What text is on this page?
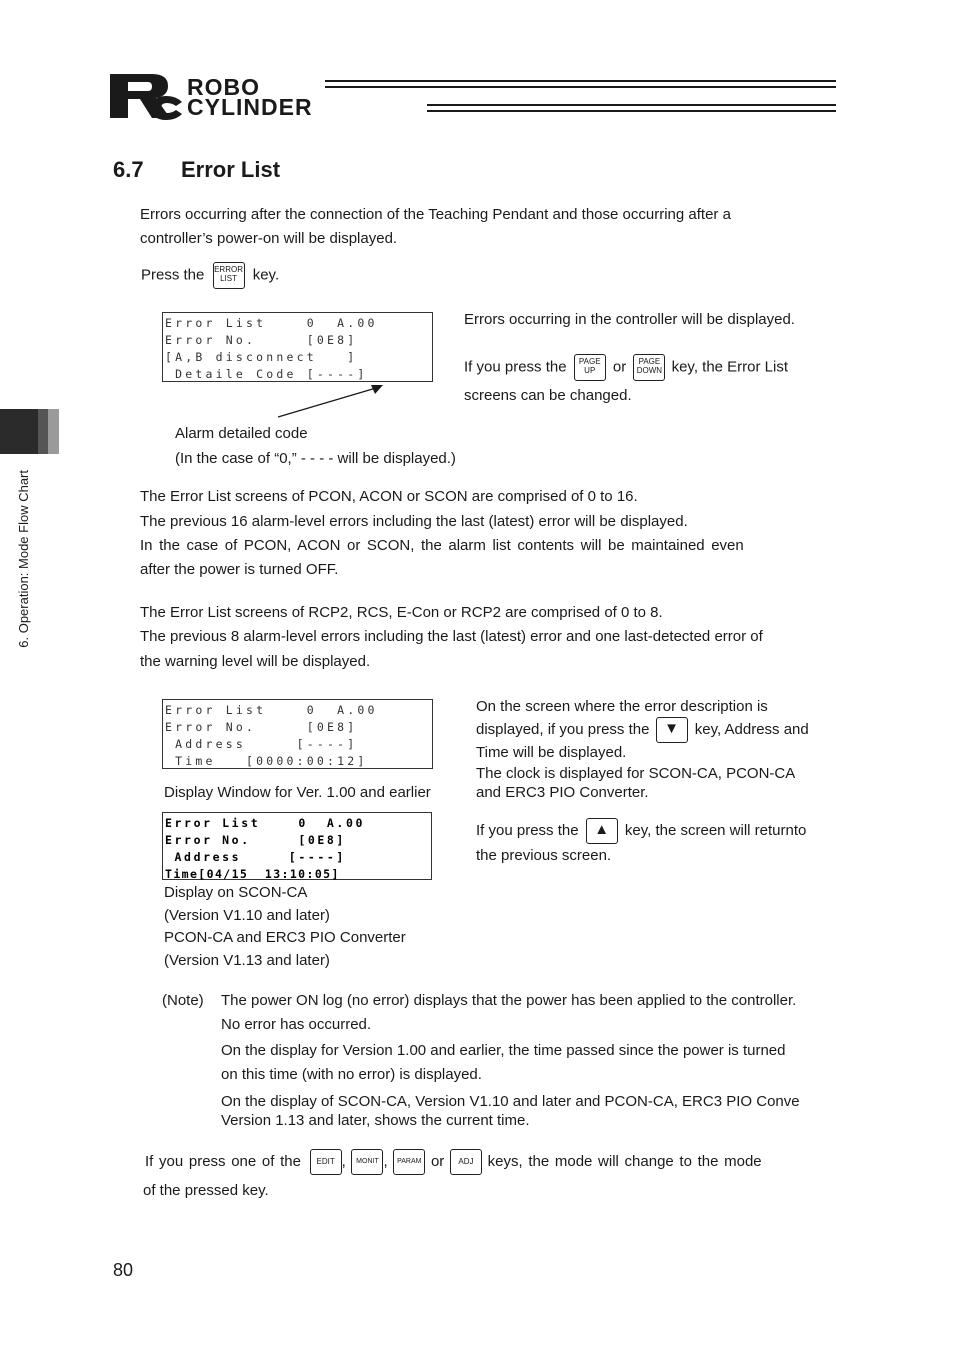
ROBO
CYLINDER
6.7 Error List
6. Operation: Mode Flow Chart
Errors occurring after the connection of the Teaching Pendant and those occurring after a
controller’s power-on will be displayed.
Press the ERROR
LIST key.
Error List    0  A.00
Error No.     [0E8]
[A,B disconnect   ]
Detaile Code [----]
Errors occurring in the controller will be displayed.
If you press the PAGE
UP or PAGE
DOWN key, the Error List
screens can be changed.
Alarm detailed code
(In the case of “0,” - - - - will be displayed.)
The Error List screens of PCON, ACON or SCON are comprised of 0 to 16.
The previous 16 alarm-level errors including the last (latest) error will be displayed.
In the case of PCON, ACON or SCON, the alarm list contents will be maintained even
after the power is turned OFF.
The Error List screens of RCP2, RCS, E-Con or RCP2 are comprised of 0 to 8.
The previous 8 alarm-level errors including the last (latest) error and one last-detected error of
the warning level will be displayed.
Error List    0  A.00
Error No.     [0E8]
Address     [----]
Time   [0000:00:12]
Display Window for Ver. 1.00 and earlier
Error List    0  A.00
Error No.     [0E8]
Address     [----]
Time[04/15  13:10:05]
Display on SCON-CA
(Version V1.10 and later)
PCON-CA and ERC3 PIO Converter
(Version V1.13 and later)
On the screen where the error description is
displayed, if you press the ▼ key, Address and
Time will be displayed.
The clock is displayed for SCON-CA, PCON-CA
and ERC3 PIO Converter.
If you press the ▲ key, the screen will returnto
the previous screen.
(Note) The power ON log (no error) displays that the power has been applied to the controller.
No error has occurred.
On the display for Version 1.00 and earlier, the time passed since the power is turned
on this time (with no error) is displayed.
On the display of SCON-CA, Version V1.10 and later and PCON-CA, ERC3 PIO Conve
Version 1.13 and later, shows the current time.
If you press one of the EDIT , MONIT , PARAM or ADJ keys, the mode will change to the mode
of the pressed key.
80
